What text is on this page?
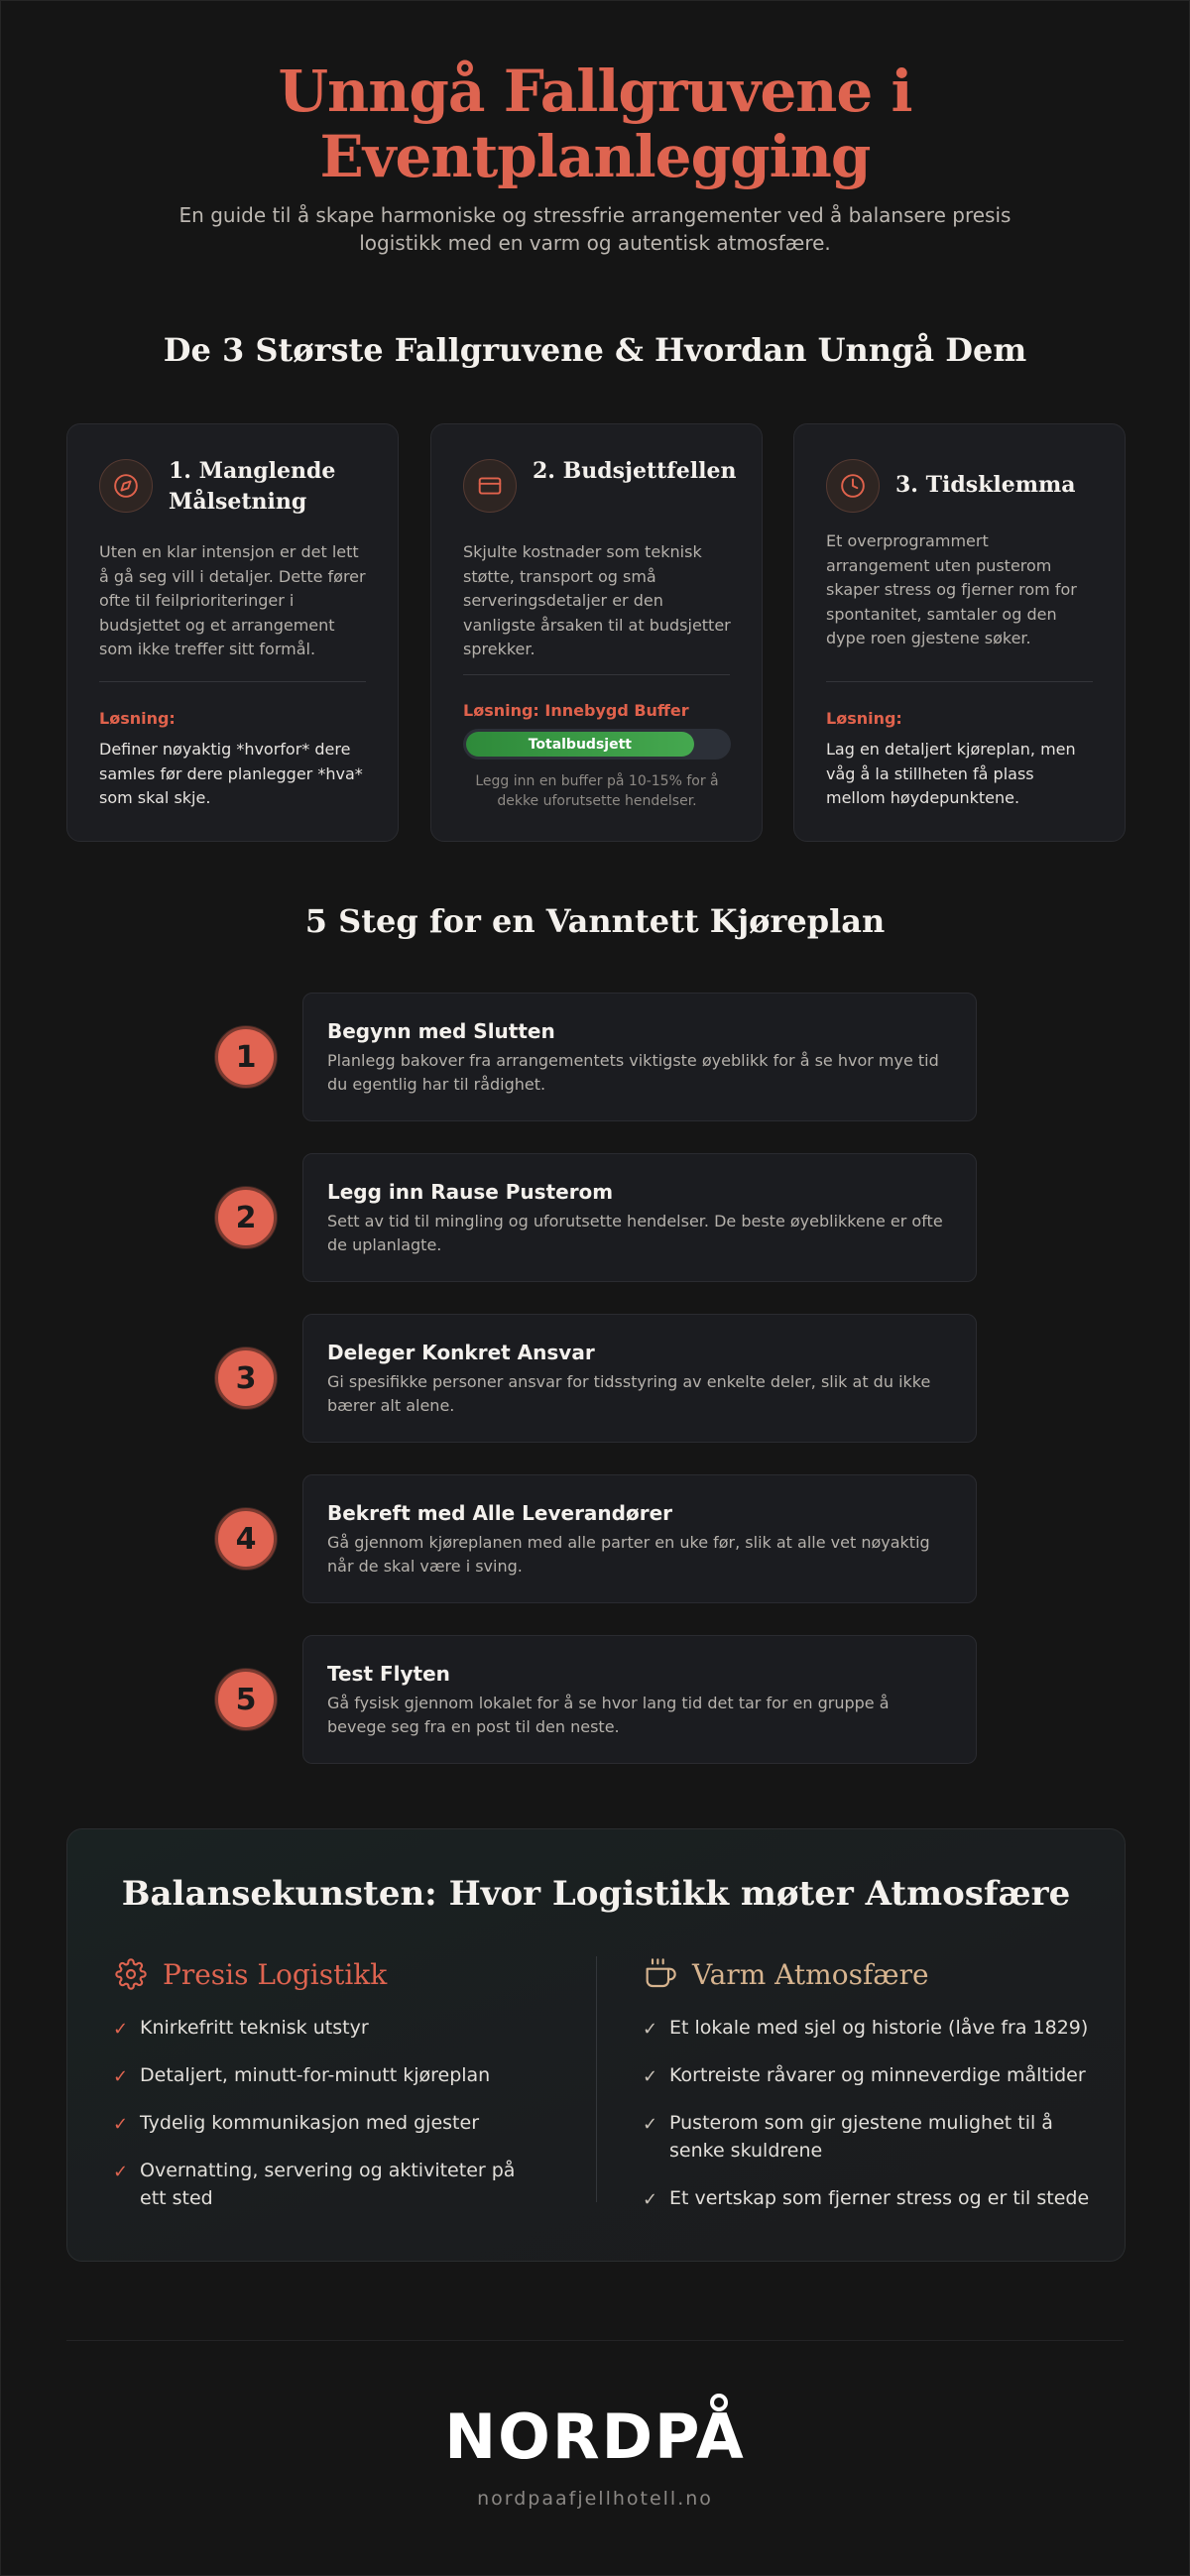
Unngå Fallgruvene i
Eventplanlegging

En guide til å skape harmoniske og stressfrie arrangementer ved å balansere presis logistikk med en varm og autentisk atmosfære.

De 3 Største Fallgruvene & Hvordan Unngå Dem
1. Manglende Målsetning

Uten en klar intensjon er det lett å gå seg vill i detaljer. Dette fører ofte til feilprioriteringer i budsjettet og et arrangement som ikke treffer sitt formål.

Løsning:

Definer nøyaktig *hvorfor* dere samles før dere planlegger *hva* som skal skje.

2. Budsjettfellen

Skjulte kostnader som teknisk støtte, transport og små serveringsdetaljer er den vanligste årsaken til at budsjetter sprekker.

Løsning: Innebygd Buffer
Totalbudsjett

Legg inn en buffer på 10-15% for å dekke uforutsette hendelser.

3. Tidsklemma

Et overprogrammert arrangement uten pusterom skaper stress og fjerner rom for spontanitet, samtaler og den dype roen gjestene søker.

Løsning:

Lag en detaljert kjøreplan, men våg å la stillheten få plass mellom høydepunktene.

5 Steg for en Vanntett Kjøreplan
1
Begynn med Slutten

Planlegg bakover fra arrangementets viktigste øyeblikk for å se hvor mye tid du egentlig har til rådighet.

2
Legg inn Rause Pusterom

Sett av tid til mingling og uforutsette hendelser. De beste øyeblikkene er ofte de uplanlagte.

3
Deleger Konkret Ansvar

Gi spesifikke personer ansvar for tidsstyring av enkelte deler, slik at du ikke bærer alt alene.

4
Bekreft med Alle Leverandører

Gå gjennom kjøreplanen med alle parter en uke før, slik at alle vet nøyaktig når de skal være i sving.

5
Test Flyten

Gå fysisk gjennom lokalet for å se hvor lang tid det tar for en gruppe å bevege seg fra en post til den neste.

Balansekunsten: Hvor Logistikk møter Atmosfære
Presis Logistikk
✓ Knirkefritt teknisk utstyr
✓ Detaljert, minutt-for-minutt kjøreplan
✓ Tydelig kommunikasjon med gjester
✓ Overnatting, servering og aktiviteter på ett sted
Varm Atmosfære
✓ Et lokale med sjel og historie (låve fra 1829)
✓ Kortreiste råvarer og minneverdige måltider
✓ Pusterom som gir gjestene mulighet til å senke skuldrene
✓ Et vertskap som fjerner stress og er til stede
NORDPA
nordpaafjellhotell.no
